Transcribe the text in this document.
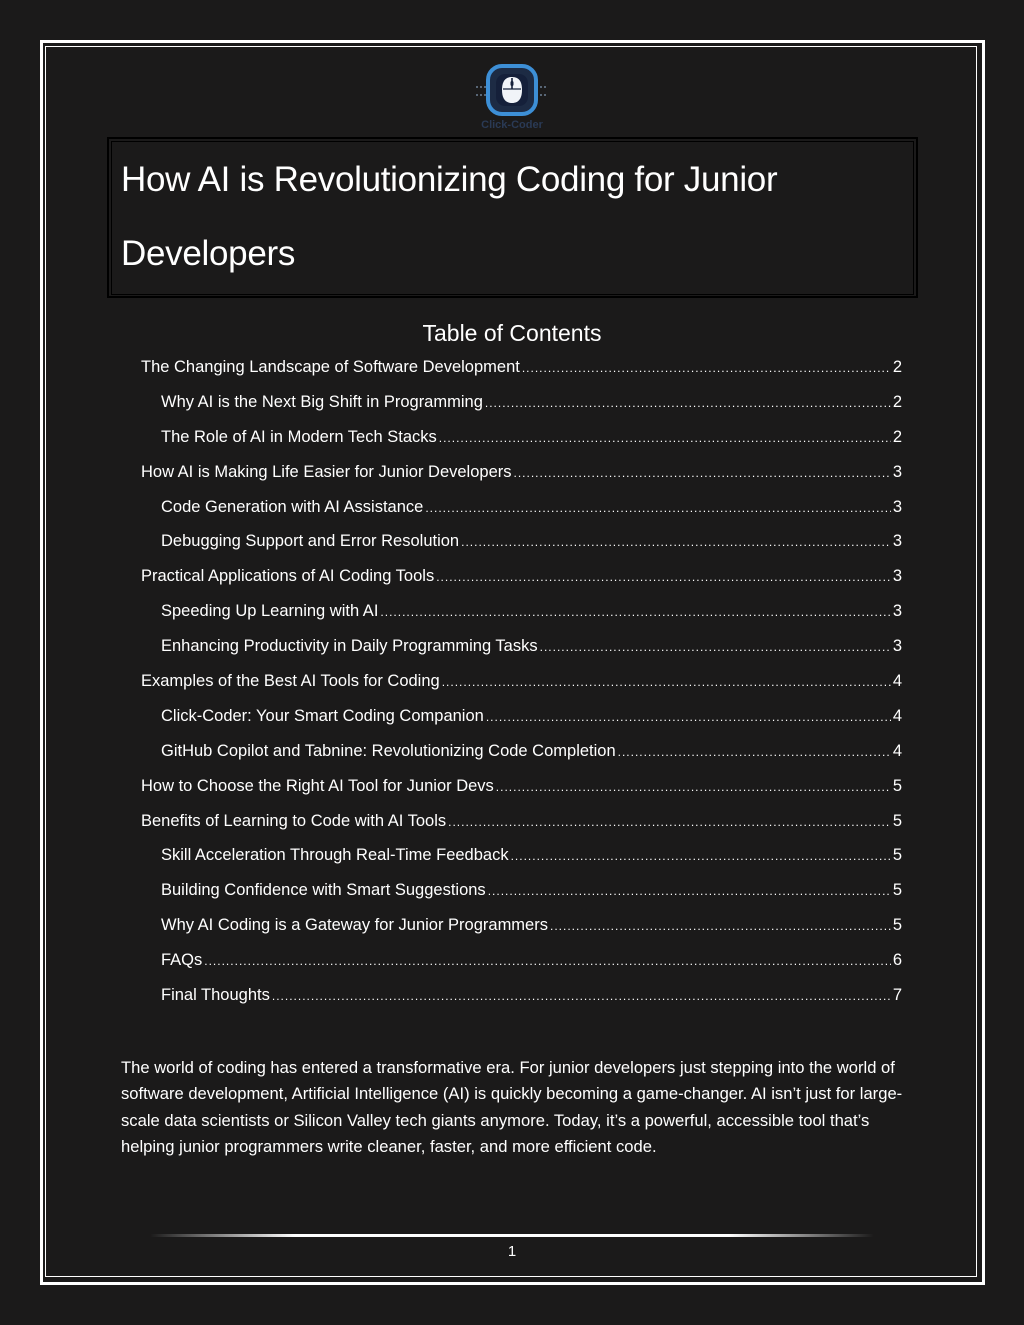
Click-Coder
How AI is Revolutionizing Coding for Junior Developers
Table of Contents
The Changing Landscape of Software Development .....	2
Why AI is the Next Big Shift in Programming .....	2
The Role of AI in Modern Tech Stacks .....	2
How AI is Making Life Easier for Junior Developers .....	3
Code Generation with AI Assistance .....	3
Debugging Support and Error Resolution .....	3
Practical Applications of AI Coding Tools .....	3
Speeding Up Learning with AI .....	3
Enhancing Productivity in Daily Programming Tasks .....	3
Examples of the Best AI Tools for Coding .....	4
Click-Coder: Your Smart Coding Companion .....	4
GitHub Copilot and Tabnine: Revolutionizing Code Completion .....	4
How to Choose the Right AI Tool for Junior Devs .....	5
Benefits of Learning to Code with AI Tools .....	5
Skill Acceleration Through Real-Time Feedback .....	5
Building Confidence with Smart Suggestions .....	5
Why AI Coding is a Gateway for Junior Programmers .....	5
FAQs .....	6
Final Thoughts .....	7

The world of coding has entered a transformative era. For junior developers just stepping into the world of software development, Artificial Intelligence (AI) is quickly becoming a game-changer. AI isn’t just for large-scale data scientists or Silicon Valley tech giants anymore. Today, it’s a powerful, accessible tool that’s helping junior programmers write cleaner, faster, and more efficient code.

1
